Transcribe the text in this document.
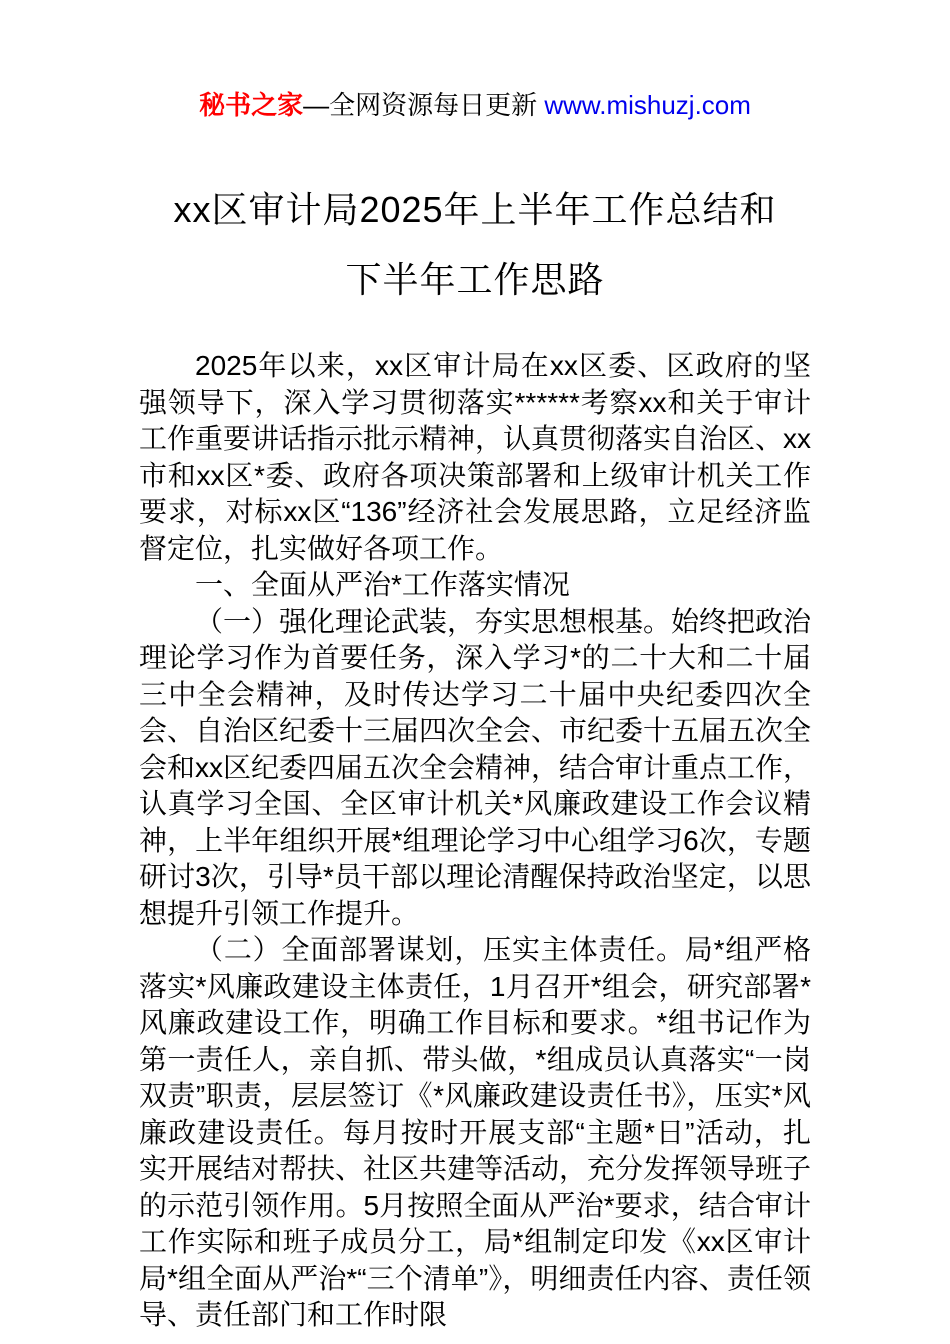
秘书之家—全网资源每日更新 www.mishuzj.com
xx区审计局2025年上半年工作总结和
下半年工作思路

2025年以来，xx区审计局在xx区委、区政府的坚强领导下，深入学习贯彻落实******考察xx和关于审计工作重要讲话指示批示精神，认真贯彻落实自治区、xx市和xx区*委、政府各项决策部署和上级审计机关工作要求，对标xx区“136”经济社会发展思路，立足经济监督定位，扎实做好各项工作。

一、全面从严治*工作落实情况

（一）强化理论武装，夯实思想根基。始终把政治理论学习作为首要任务，深入学习*的二十大和二十届三中全会精神，及时传达学习二十届中央纪委四次全会、自治区纪委十三届四次全会、市纪委十五届五次全会和xx区纪委四届五次全会精神，结合审计重点工作，认真学习全国、全区审计机关*风廉政建设工作会议精神，上半年组织开展*组理论学习中心组学习6次，专题研讨3次，引导*员干部以理论清醒保持政治坚定，以思想提升引领工作提升。

（二）全面部署谋划，压实主体责任。局*组严格落实*风廉政建设主体责任，1月召开*组会，研究部署*风廉政建设工作，明确工作目标和要求。*组书记作为第一责任人，亲自抓、带头做，*组成员认真落实“一岗双责”职责，层层签订《*风廉政建设责任书》，压实*风廉政建设责任。每月按时开展支部“主题*日”活动，扎实开展结对帮扶、社区共建等活动，充分发挥领导班子的示范引领作用。5月按照全面从严治*要求，结合审计工作实际和班子成员分工，局*组制定印发《xx区审计局*组全面从严治*“三个清单”》，明细责任内容、责任领导、责任部门和工作时限
